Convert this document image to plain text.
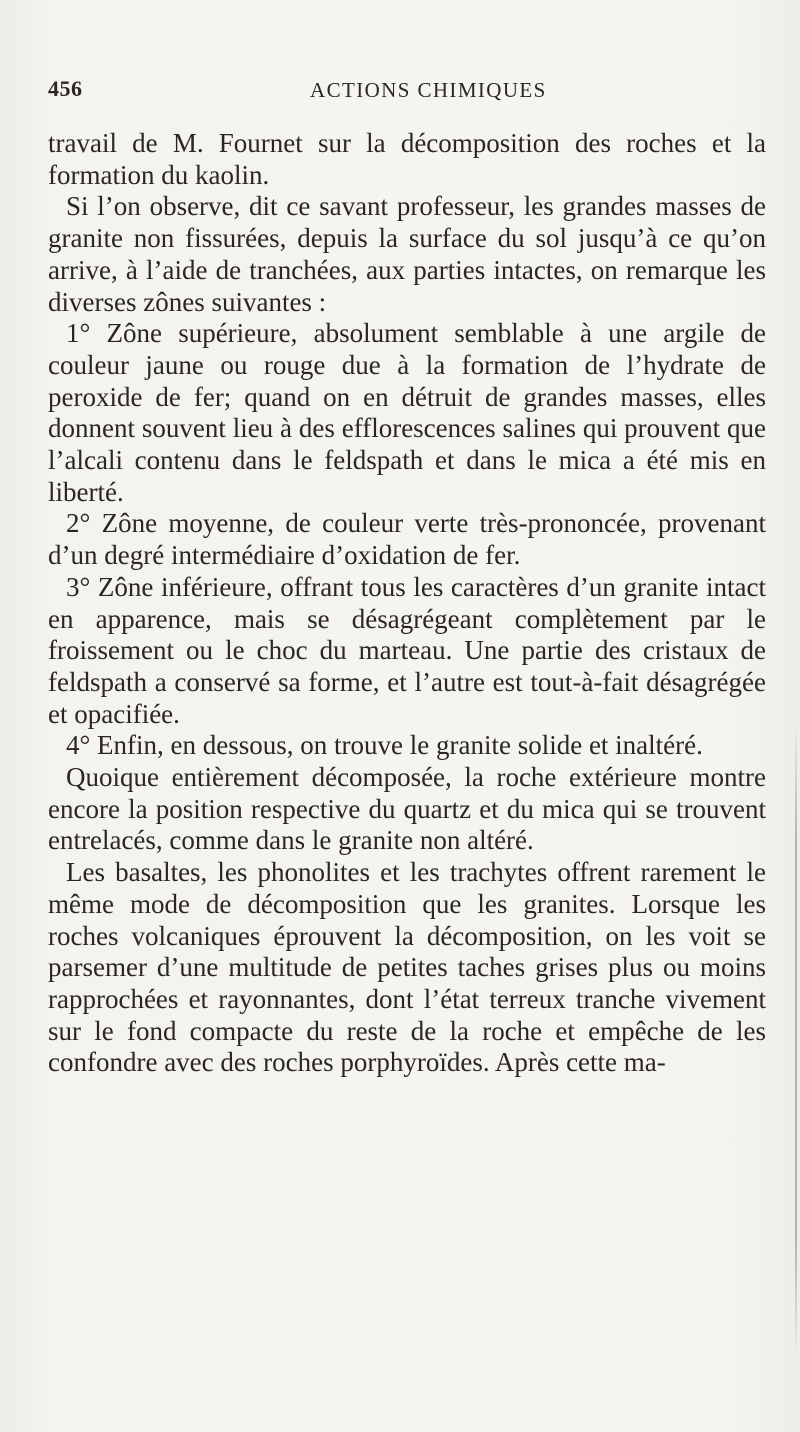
456	ACTIONS CHIMIQUES

travail de M. Fournet sur la décomposition des roches et la formation du kaolin.

Si l’on observe, dit ce savant professeur, les grandes masses de granite non fissurées, depuis la surface du sol jusqu’à ce qu’on arrive, à l’aide de tranchées, aux parties intactes, on remarque les diverses zônes suivantes :

1° Zône supérieure, absolument semblable à une argile de couleur jaune ou rouge due à la formation de l’hydrate de peroxide de fer; quand on en détruit de grandes masses, elles donnent souvent lieu à des efflorescences salines qui prouvent que l’alcali contenu dans le feldspath et dans le mica a été mis en liberté.

2° Zône moyenne, de couleur verte très-prononcée, provenant d’un degré intermédiaire d’oxidation de fer.

3° Zône inférieure, offrant tous les caractères d’un granite intact en apparence, mais se désagrégeant complètement par le froissement ou le choc du marteau. Une partie des cristaux de feldspath a conservé sa forme, et l’autre est tout-à-fait désagrégée et opacifiée.

4° Enfin, en dessous, on trouve le granite solide et inaltéré.

Quoique entièrement décomposée, la roche extérieure montre encore la position respective du quartz et du mica qui se trouvent entrelacés, comme dans le granite non altéré.

Les basaltes, les phonolites et les trachytes offrent rarement le même mode de décomposition que les granites. Lorsque les roches volcaniques éprouvent la décomposition, on les voit se parsemer d’une multitude de petites taches grises plus ou moins rapprochées et rayonnantes, dont l’état terreux tranche vivement sur le fond compacte du reste de la roche et empêche de les confondre avec des roches porphyroïdes. Après cette ma-
